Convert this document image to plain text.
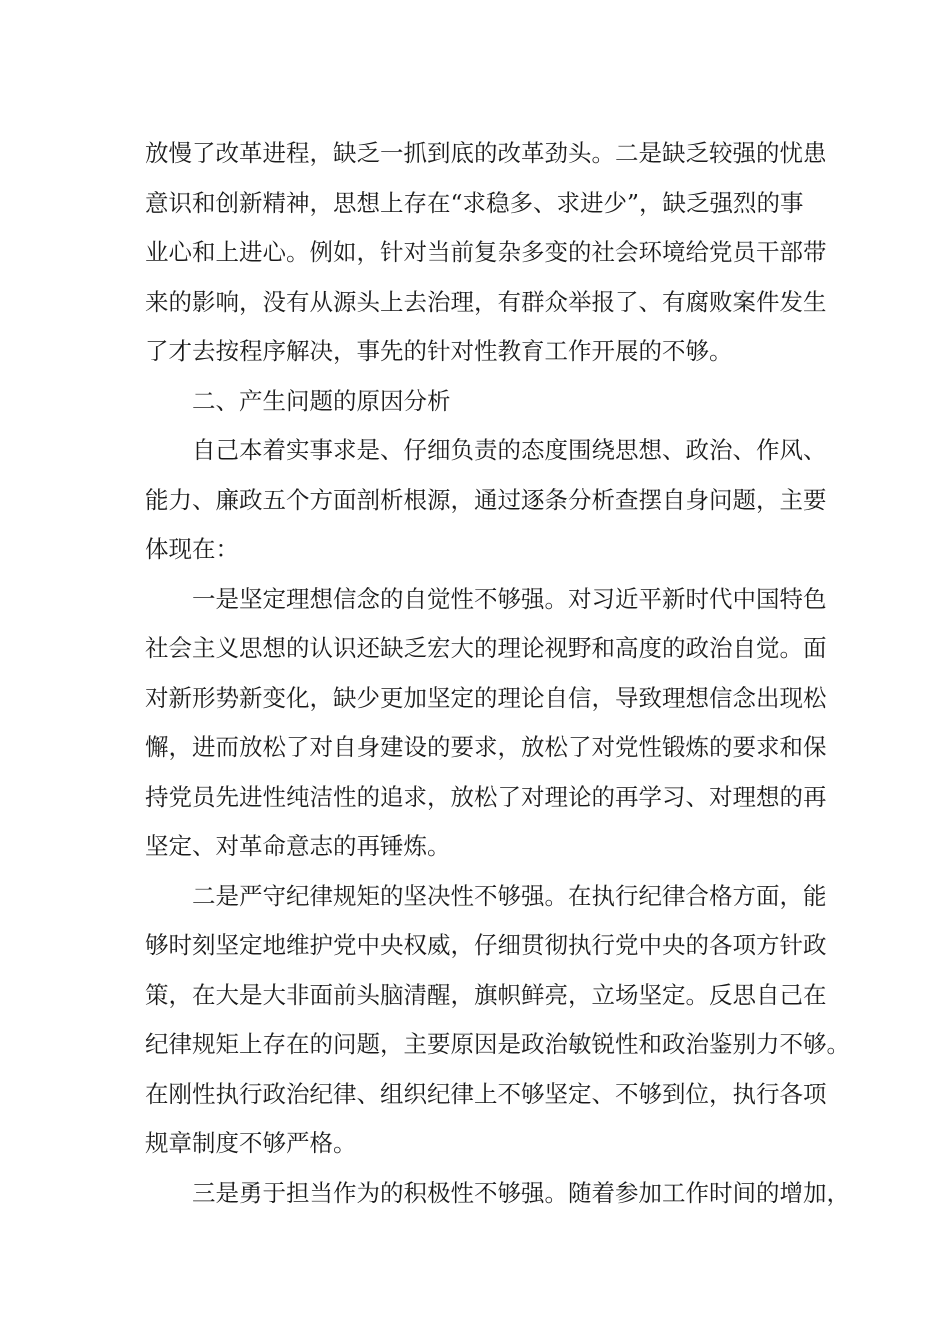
放慢了改革进程，缺乏一抓到底的改革劲头。二是缺乏较强的忧患
意识和创新精神，思想上存在“求稳多、求进少”，缺乏强烈的事
业心和上进心。例如，针对当前复杂多变的社会环境给党员干部带
来的影响，没有从源头上去治理，有群众举报了、有腐败案件发生
了才去按程序解决，事先的针对性教育工作开展的不够。
二、产生问题的原因分析
自己本着实事求是、仔细负责的态度围绕思想、政治、作风、
能力、廉政五个方面剖析根源，通过逐条分析查摆自身问题，主要
体现在：
一是坚定理想信念的自觉性不够强。对习近平新时代中国特色
社会主义思想的认识还缺乏宏大的理论视野和高度的政治自觉。面
对新形势新变化，缺少更加坚定的理论自信，导致理想信念出现松
懈，进而放松了对自身建设的要求，放松了对党性锻炼的要求和保
持党员先进性纯洁性的追求，放松了对理论的再学习、对理想的再
坚定、对革命意志的再锤炼。
二是严守纪律规矩的坚决性不够强。在执行纪律合格方面，能
够时刻坚定地维护党中央权威，仔细贯彻执行党中央的各项方针政
策，在大是大非面前头脑清醒，旗帜鲜亮，立场坚定。反思自己在
纪律规矩上存在的问题，主要原因是政治敏锐性和政治鉴别力不够。
在刚性执行政治纪律、组织纪律上不够坚定、不够到位，执行各项
规章制度不够严格。
三是勇于担当作为的积极性不够强。随着参加工作时间的增加，
